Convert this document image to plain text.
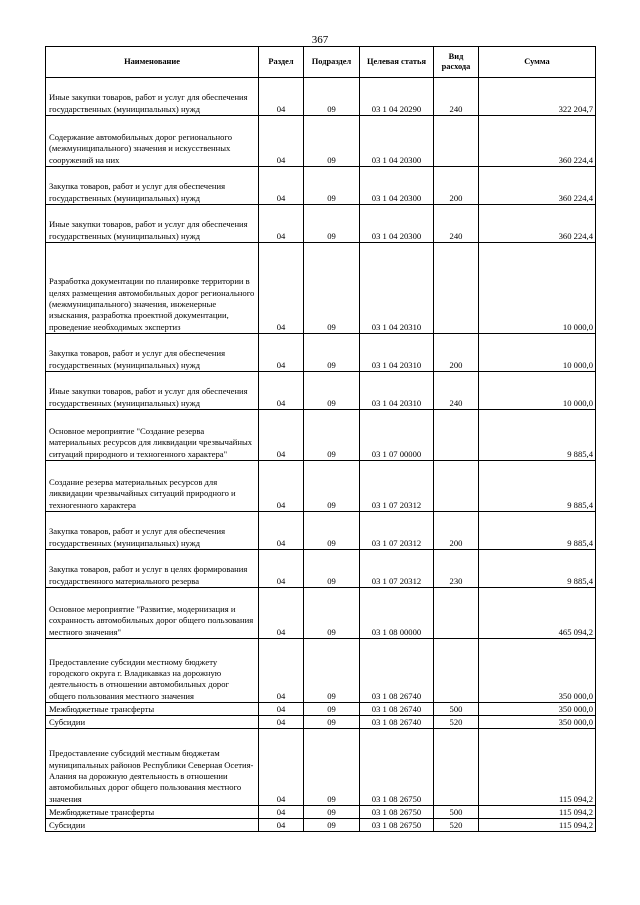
367
Наименование	Раздел	Подраздел	Целевая статья	Вид расхода	Сумма
Иные закупки товаров, работ и услуг для обеспечения государственных (муниципальных) нужд	04	09	03 1 04 20290	240	322 204,7
Содержание автомобильных дорог регионального (межмуниципального) значения и искусственных сооружений на них	04	09	03 1 04 20300		360 224,4
Закупка товаров, работ и услуг для обеспечения государственных (муниципальных) нужд	04	09	03 1 04 20300	200	360 224,4
Иные закупки товаров, работ и услуг для обеспечения государственных (муниципальных) нужд	04	09	03 1 04 20300	240	360 224,4
Разработка документации по планировке территории в целях размещения автомобильных дорог регионального (межмуниципального) значения, инженерные изыскания, разработка проектной документации, проведение необходимых экспертиз	04	09	03 1 04 20310		10 000,0
Закупка товаров, работ и услуг для обеспечения государственных (муниципальных) нужд	04	09	03 1 04 20310	200	10 000,0
Иные закупки товаров, работ и услуг для обеспечения государственных (муниципальных) нужд	04	09	03 1 04 20310	240	10 000,0
Основное мероприятие "Создание резерва материальных ресурсов для ликвидации чрезвычайных ситуаций природного и техногенного характера"	04	09	03 1 07 00000		9 885,4
Создание резерва материальных ресурсов для ликвидации чрезвычайных ситуаций природного и техногенного характера	04	09	03 1 07 20312		9 885,4
Закупка товаров, работ и услуг для обеспечения государственных (муниципальных) нужд	04	09	03 1 07 20312	200	9 885,4
Закупка товаров, работ и услуг в целях формирования государственного материального резерва	04	09	03 1 07 20312	230	9 885,4
Основное мероприятие "Развитие, модернизация и сохранность автомобильных дорог общего пользования местного значения"	04	09	03 1 08 00000		465 094,2
Предоставление субсидии местному бюджету городского округа г. Владикавказ на дорожную деятельность в отношении автомобильных дорог общего пользования местного значения	04	09	03 1 08 26740		350 000,0
Межбюджетные трансферты	04	09	03 1 08 26740	500	350 000,0
Субсидии	04	09	03 1 08 26740	520	350 000,0
Предоставление субсидий местным бюджетам муниципальных районов Республики Северная Осетия-Алания на дорожную деятельность в отношении автомобильных дорог общего пользования местного значения	04	09	03 1 08 26750		115 094,2
Межбюджетные трансферты	04	09	03 1 08 26750	500	115 094,2
Субсидии	04	09	03 1 08 26750	520	115 094,2
